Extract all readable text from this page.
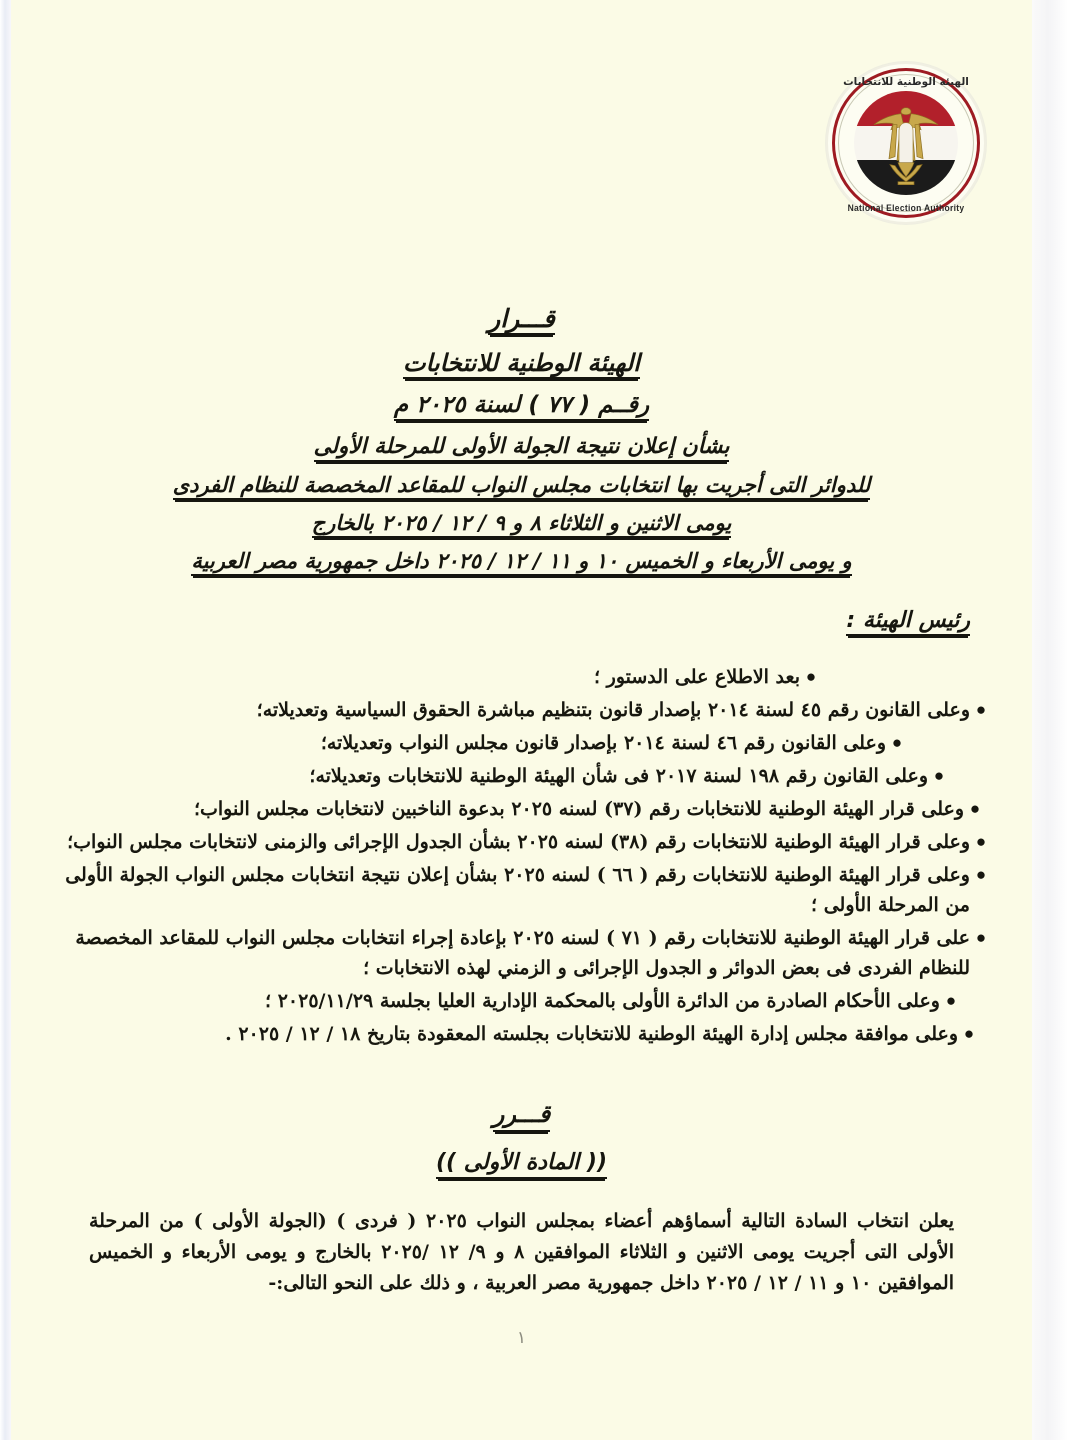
الهيئة الوطنية للانتخابات
National Election Authority
قـــرار
الهيئة الوطنية للانتخابات
رقــم ( ٧٧ ) لسنة ٢٠٢٥ م
بشأن إعلان نتيجة الجولة الأولى للمرحلة الأولى
للدوائر التى أجريت بها انتخابات مجلس النواب للمقاعد المخصصة للنظام الفردى
يومى الاثنين و الثلاثاء ٨ و ٩ / ١٢ / ٢٠٢٥ بالخارج
و يومى الأربعاء و الخميس ١٠ و ١١ / ١٢ / ٢٠٢٥ داخل جمهورية مصر العربية
رئيس الهيئة :
●
بعد الاطلاع على الدستور ؛
●
وعلى القانون رقم ٤٥ لسنة ٢٠١٤ بإصدار قانون بتنظيم مباشرة الحقوق السياسية وتعديلاته؛
●
وعلى القانون رقم ٤٦ لسنة ٢٠١٤ بإصدار قانون مجلس النواب وتعديلاته؛
●
وعلى القانون رقم ١٩٨ لسنة ٢٠١٧ فى شأن الهيئة الوطنية للانتخابات وتعديلاته؛
●
وعلى قرار الهيئة الوطنية للانتخابات رقم (٣٧) لسنه ٢٠٢٥ بدعوة الناخبين لانتخابات مجلس النواب؛
●
وعلى قرار الهيئة الوطنية للانتخابات رقم (٣٨) لسنه ٢٠٢٥ بشأن الجدول الإجرائى والزمنى لانتخابات مجلس النواب؛
●
وعلى قرار الهيئة الوطنية للانتخابات رقم ( ٦٦ ) لسنه ٢٠٢٥ بشأن إعلان نتيجة انتخابات مجلس النواب الجولة الأولى من المرحلة الأولى ؛
●
على قرار الهيئة الوطنية للانتخابات رقم ( ٧١ ) لسنه ٢٠٢٥ بإعادة إجراء انتخابات مجلس النواب للمقاعد المخصصة للنظام الفردى فى بعض الدوائر و الجدول الإجرائى و الزمني لهذه الانتخابات ؛
●
وعلى الأحكام الصادرة من الدائرة الأولى بالمحكمة الإدارية العليا بجلسة ٢٠٢٥/١١/٢٩ ؛
●
وعلى موافقة مجلس إدارة الهيئة الوطنية للانتخابات بجلسته المعقودة بتاريخ ١٨ / ١٢ / ٢٠٢٥ .
قـــرر
(( المادة الأولى ))
يعلن انتخاب السادة التالية أسماؤهم أعضاء بمجلس النواب ٢٠٢٥ ( فردى ) (الجولة الأولى ) من المرحلة الأولى التى أجريت يومى الاثنين و الثلاثاء الموافقين ٨ و ٩/ ١٢ /٢٠٢٥ بالخارج و يومى الأربعاء و الخميس الموافقين ١٠ و ١١ / ١٢ / ٢٠٢٥ داخل جمهورية مصر العربية ، و ذلك على النحو التالى:-
١
